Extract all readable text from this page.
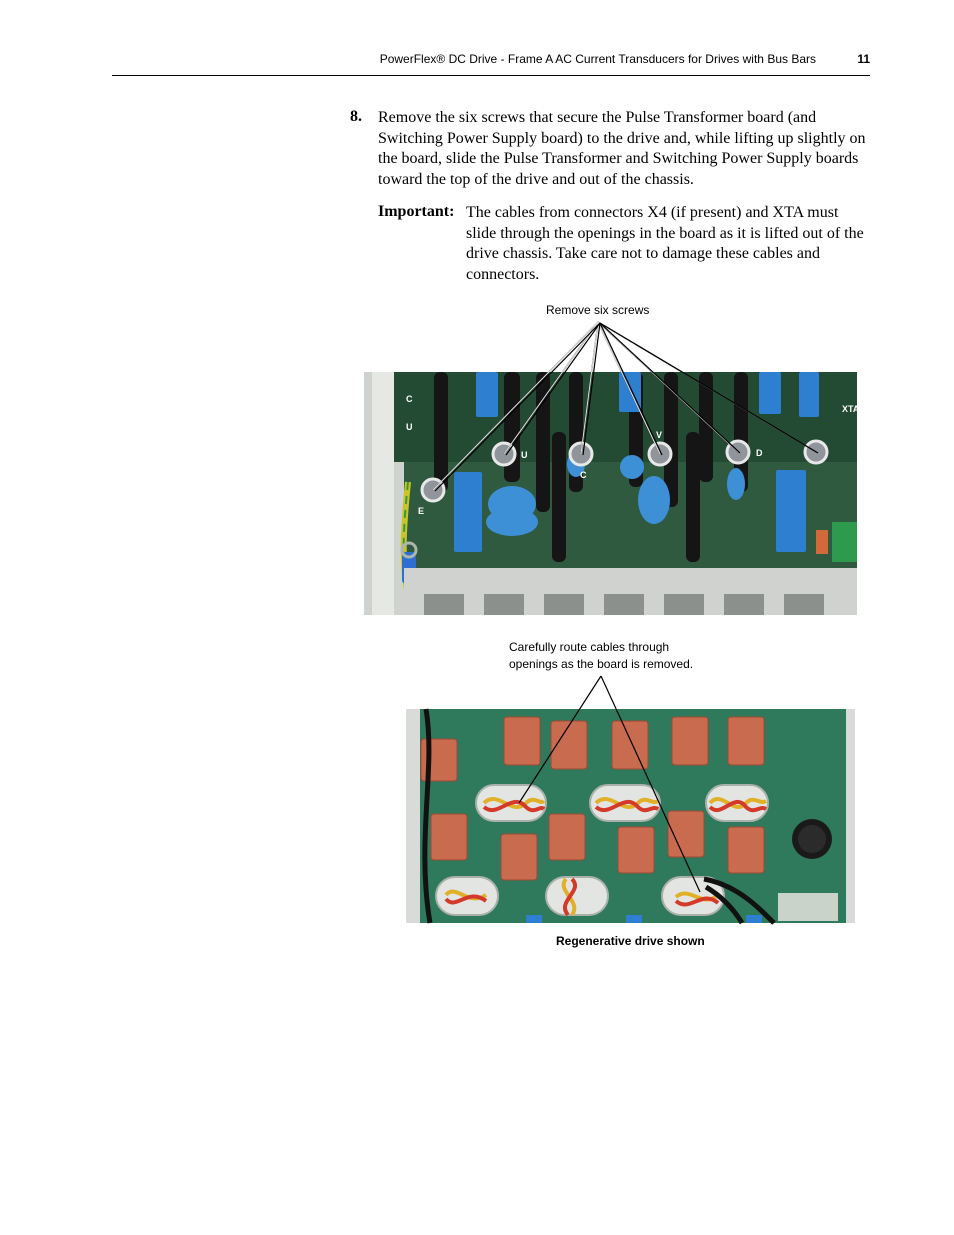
PowerFlex® DC Drive - Frame A AC Current Transducers for Drives with Bus Bars	11
8. Remove the six screws that secure the Pulse Transformer board (and Switching Power Supply board) to the drive and, while lifting up slightly on the board, slide the Pulse Transformer and Switching Power Supply boards toward the top of the drive and out of the chassis.
Important: The cables from connectors X4 (if present) and XTA must slide through the openings in the board as it is lifted out of the drive chassis. Take care not to damage these cables and connectors.
Remove six screws
C
U
U
C
V
D
XTA
E
Carefully route cables through
openings as the board is removed.
Regenerative drive shown
